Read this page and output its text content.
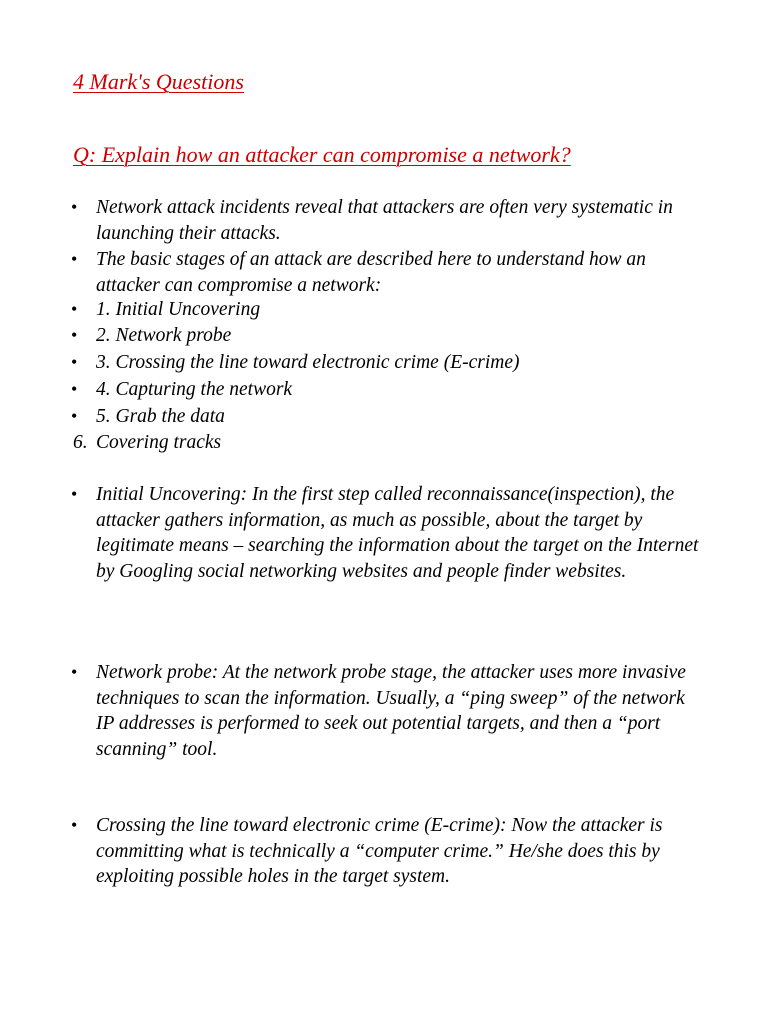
4 Mark's Questions
Q: Explain how an attacker can compromise a network?

• Network attack incidents reveal that attackers are often very systematic in launching their attacks.

• The basic stages of an attack are described here to understand how an attacker can compromise a network:

• 1. Initial Uncovering

• 2. Network probe

• 3. Crossing the line toward electronic crime (E-crime)

• 4. Capturing the network

• 5. Grab the data

6. Covering tracks

• Initial Uncovering: In the first step called reconnaissance(inspection), the attacker gathers information, as much as possible, about the target by legitimate means – searching the information about the target on the Internet by Googling social networking websites and people finder websites.

• Network probe: At the network probe stage, the attacker uses more invasive techniques to scan the information. Usually, a “ping sweep” of the network IP addresses is performed to seek out potential targets, and then a “port scanning” tool.

• Crossing the line toward electronic crime (E-crime): Now the attacker is committing what is technically a “computer crime.” He/she does this by exploiting possible holes in the target system.
